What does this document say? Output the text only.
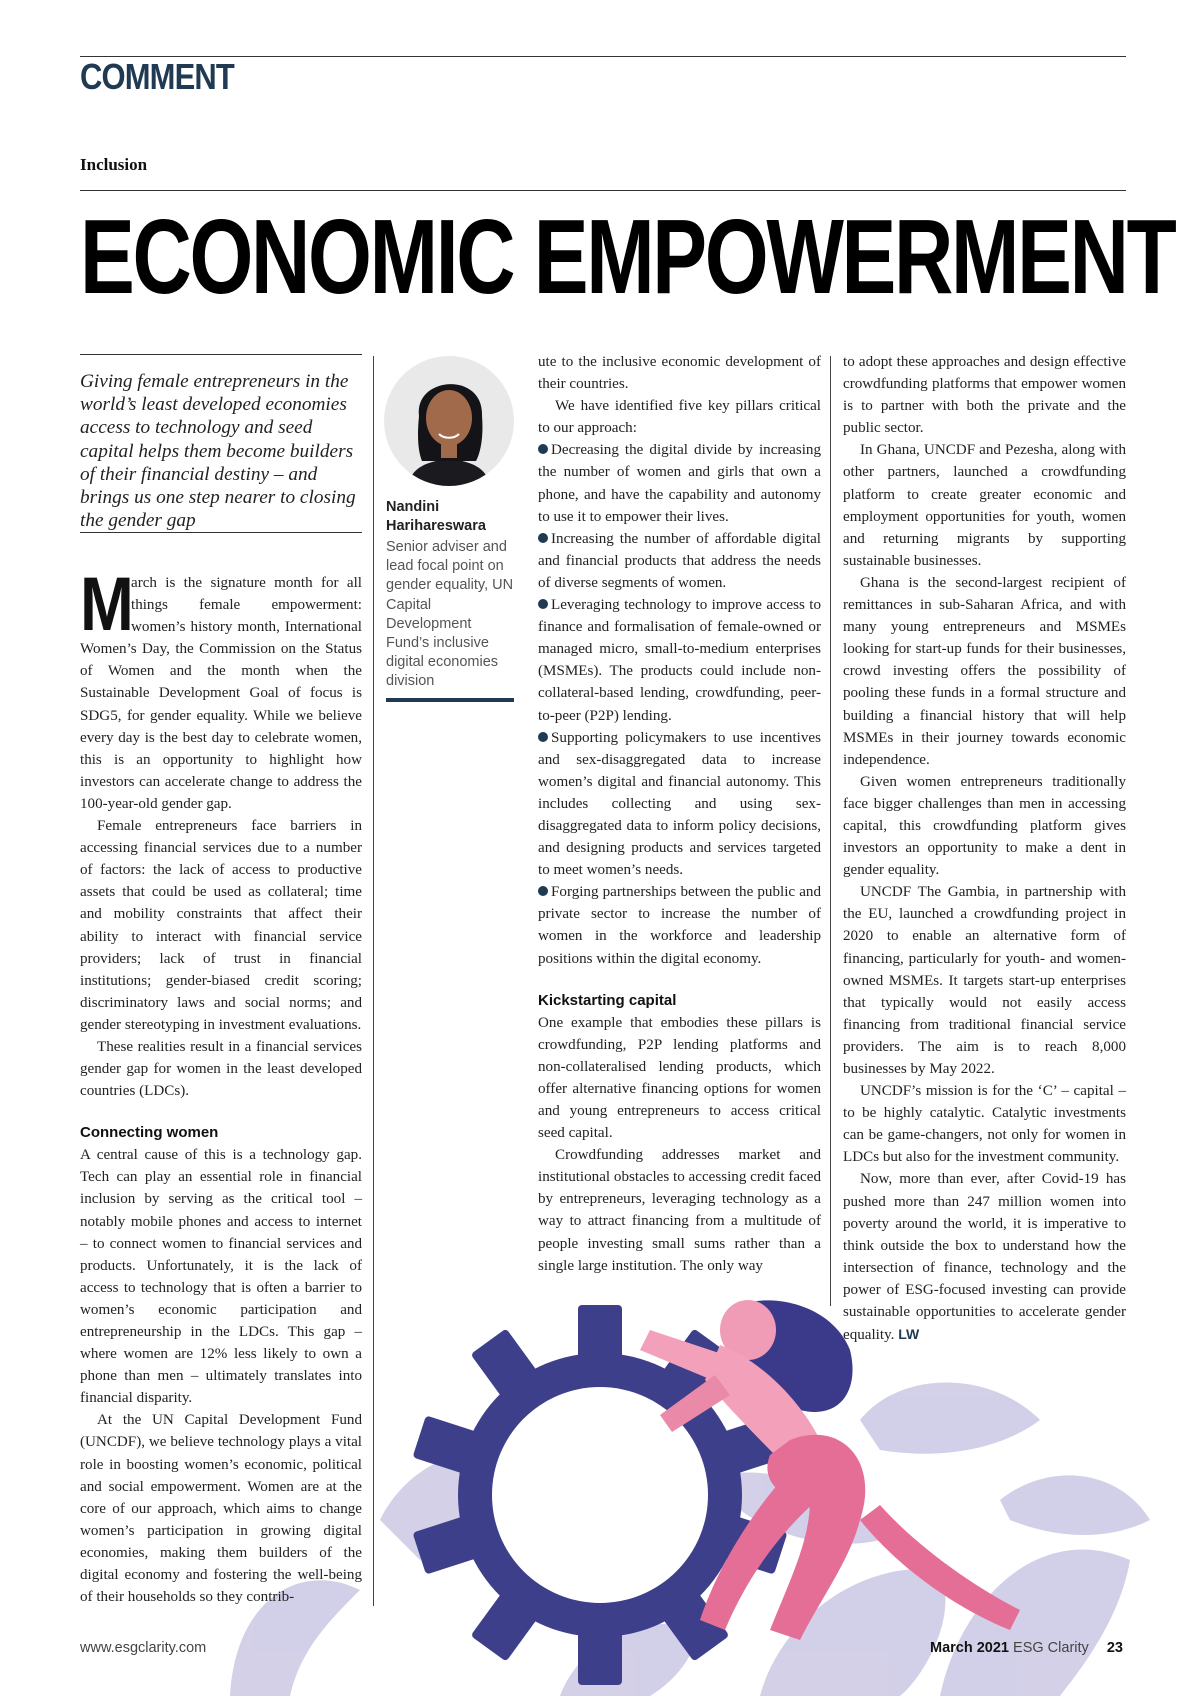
COMMENT
Inclusion
ECONOMIC EMPOWERMENT
Giving female entrepreneurs in the world’s least developed economies access to technology and seed capital helps them become builders of their financial destiny – and brings us one step nearer to closing the gender gap
Nandini
Harihareswara
Senior adviser and lead focal point on gender equality, UN Capital Development Fund’s inclusive digital economies division
M

arch is the signature month for all things female empowerment: women’s history month, International Women’s Day, the Commission on the Status of Women and the month when the Sustainable Development Goal of focus is SDG5, for gender equality. While we believe every day is the best day to celebrate women, this is an opportunity to highlight how investors can accelerate change to address the 100-year-old gender gap.

Female entrepreneurs face barriers in accessing financial services due to a number of factors: the lack of access to productive assets that could be used as collateral; time and mobility constraints that affect their ability to interact with financial service providers; lack of trust in financial institutions; gender-biased credit scoring; discriminatory laws and social norms; and gender stereotyping in investment evaluations.

These realities result in a financial services gender gap for women in the least developed countries (LDCs).

Connecting women

A central cause of this is a technology gap. Tech can play an essential role in financial inclusion by serving as the critical tool – notably mobile phones and access to internet – to connect women to financial services and products. Unfortunately, it is the lack of access to technology that is often a barrier to women’s economic participation and entrepreneurship in the LDCs. This gap – where women are 12% less likely to own a phone than men – ultimately translates into financial disparity.

At the UN Capital Development Fund (UNCDF), we believe technology plays a vital role in boosting women’s economic, political and social empowerment. Women are at the core of our approach, which aims to change women’s participation in growing digital economies, making them builders of the digital economy and fostering the well-being of their households so they contrib-

ute to the inclusive economic development of their countries.

We have identified five key pillars critical to our approach:

Decreasing the digital divide by increasing the number of women and girls that own a phone, and have the capability and autonomy to use it to empower their lives.

Increasing the number of affordable digital and financial products that address the needs of diverse segments of women.

Leveraging technology to improve access to finance and formalisation of female-owned or managed micro, small-to-medium enterprises (MSMEs). The products could include non-collateral-based lending, crowdfunding, peer-to-peer (P2P) lending.

Supporting policymakers to use incentives and sex-disaggregated data to increase women’s digital and financial autonomy. This includes collecting and using sex-disaggregated data to inform policy decisions, and designing products and services targeted to meet women’s needs.

Forging partnerships between the public and private sector to increase the number of women in the workforce and leadership positions within the digital economy.

Kickstarting capital

One example that embodies these pillars is crowdfunding, P2P lending platforms and non-collateralised lending products, which offer alternative financing options for women and young entrepreneurs to access critical seed capital.

Crowdfunding addresses market and institutional obstacles to accessing credit faced by entrepreneurs, leveraging technology as a way to attract financing from a multitude of people investing small sums rather than a single large institution. The only way

to adopt these approaches and design effective crowdfunding platforms that empower women is to partner with both the private and the public sector.

In Ghana, UNCDF and Pezesha, along with other partners, launched a crowdfunding platform to create greater economic and employment opportunities for youth, women and returning migrants by supporting sustainable businesses.

Ghana is the second-largest recipient of remittances in sub-Saharan Africa, and with many young entrepreneurs and MSMEs looking for start-up funds for their businesses, crowd investing offers the possibility of pooling these funds in a formal structure and building a financial history that will help MSMEs in their journey towards economic independence.

Given women entrepreneurs traditionally face bigger challenges than men in accessing capital, this crowdfunding platform gives investors an opportunity to make a dent in gender equality.

UNCDF The Gambia, in partnership with the EU, launched a crowdfunding project in 2020 to enable an alternative form of financing, particularly for youth- and women-owned MSMEs. It targets start-up enterprises that typically would not easily access financing from traditional financial service providers. The aim is to reach 8,000 businesses by May 2022.

UNCDF’s mission is for the ‘C’ – capital – to be highly catalytic. Catalytic investments can be game-changers, not only for women in LDCs but also for the investment community.

Now, more than ever, after Covid-19 has pushed more than 247 million women into poverty around the world, it is imperative to think outside the box to understand how the intersection of finance, technology and the power of ESG-focused investing can provide sustainable opportunities to accelerate gender equality. LW

www.esgclarity.com	March 2021 ESG Clarity 23
